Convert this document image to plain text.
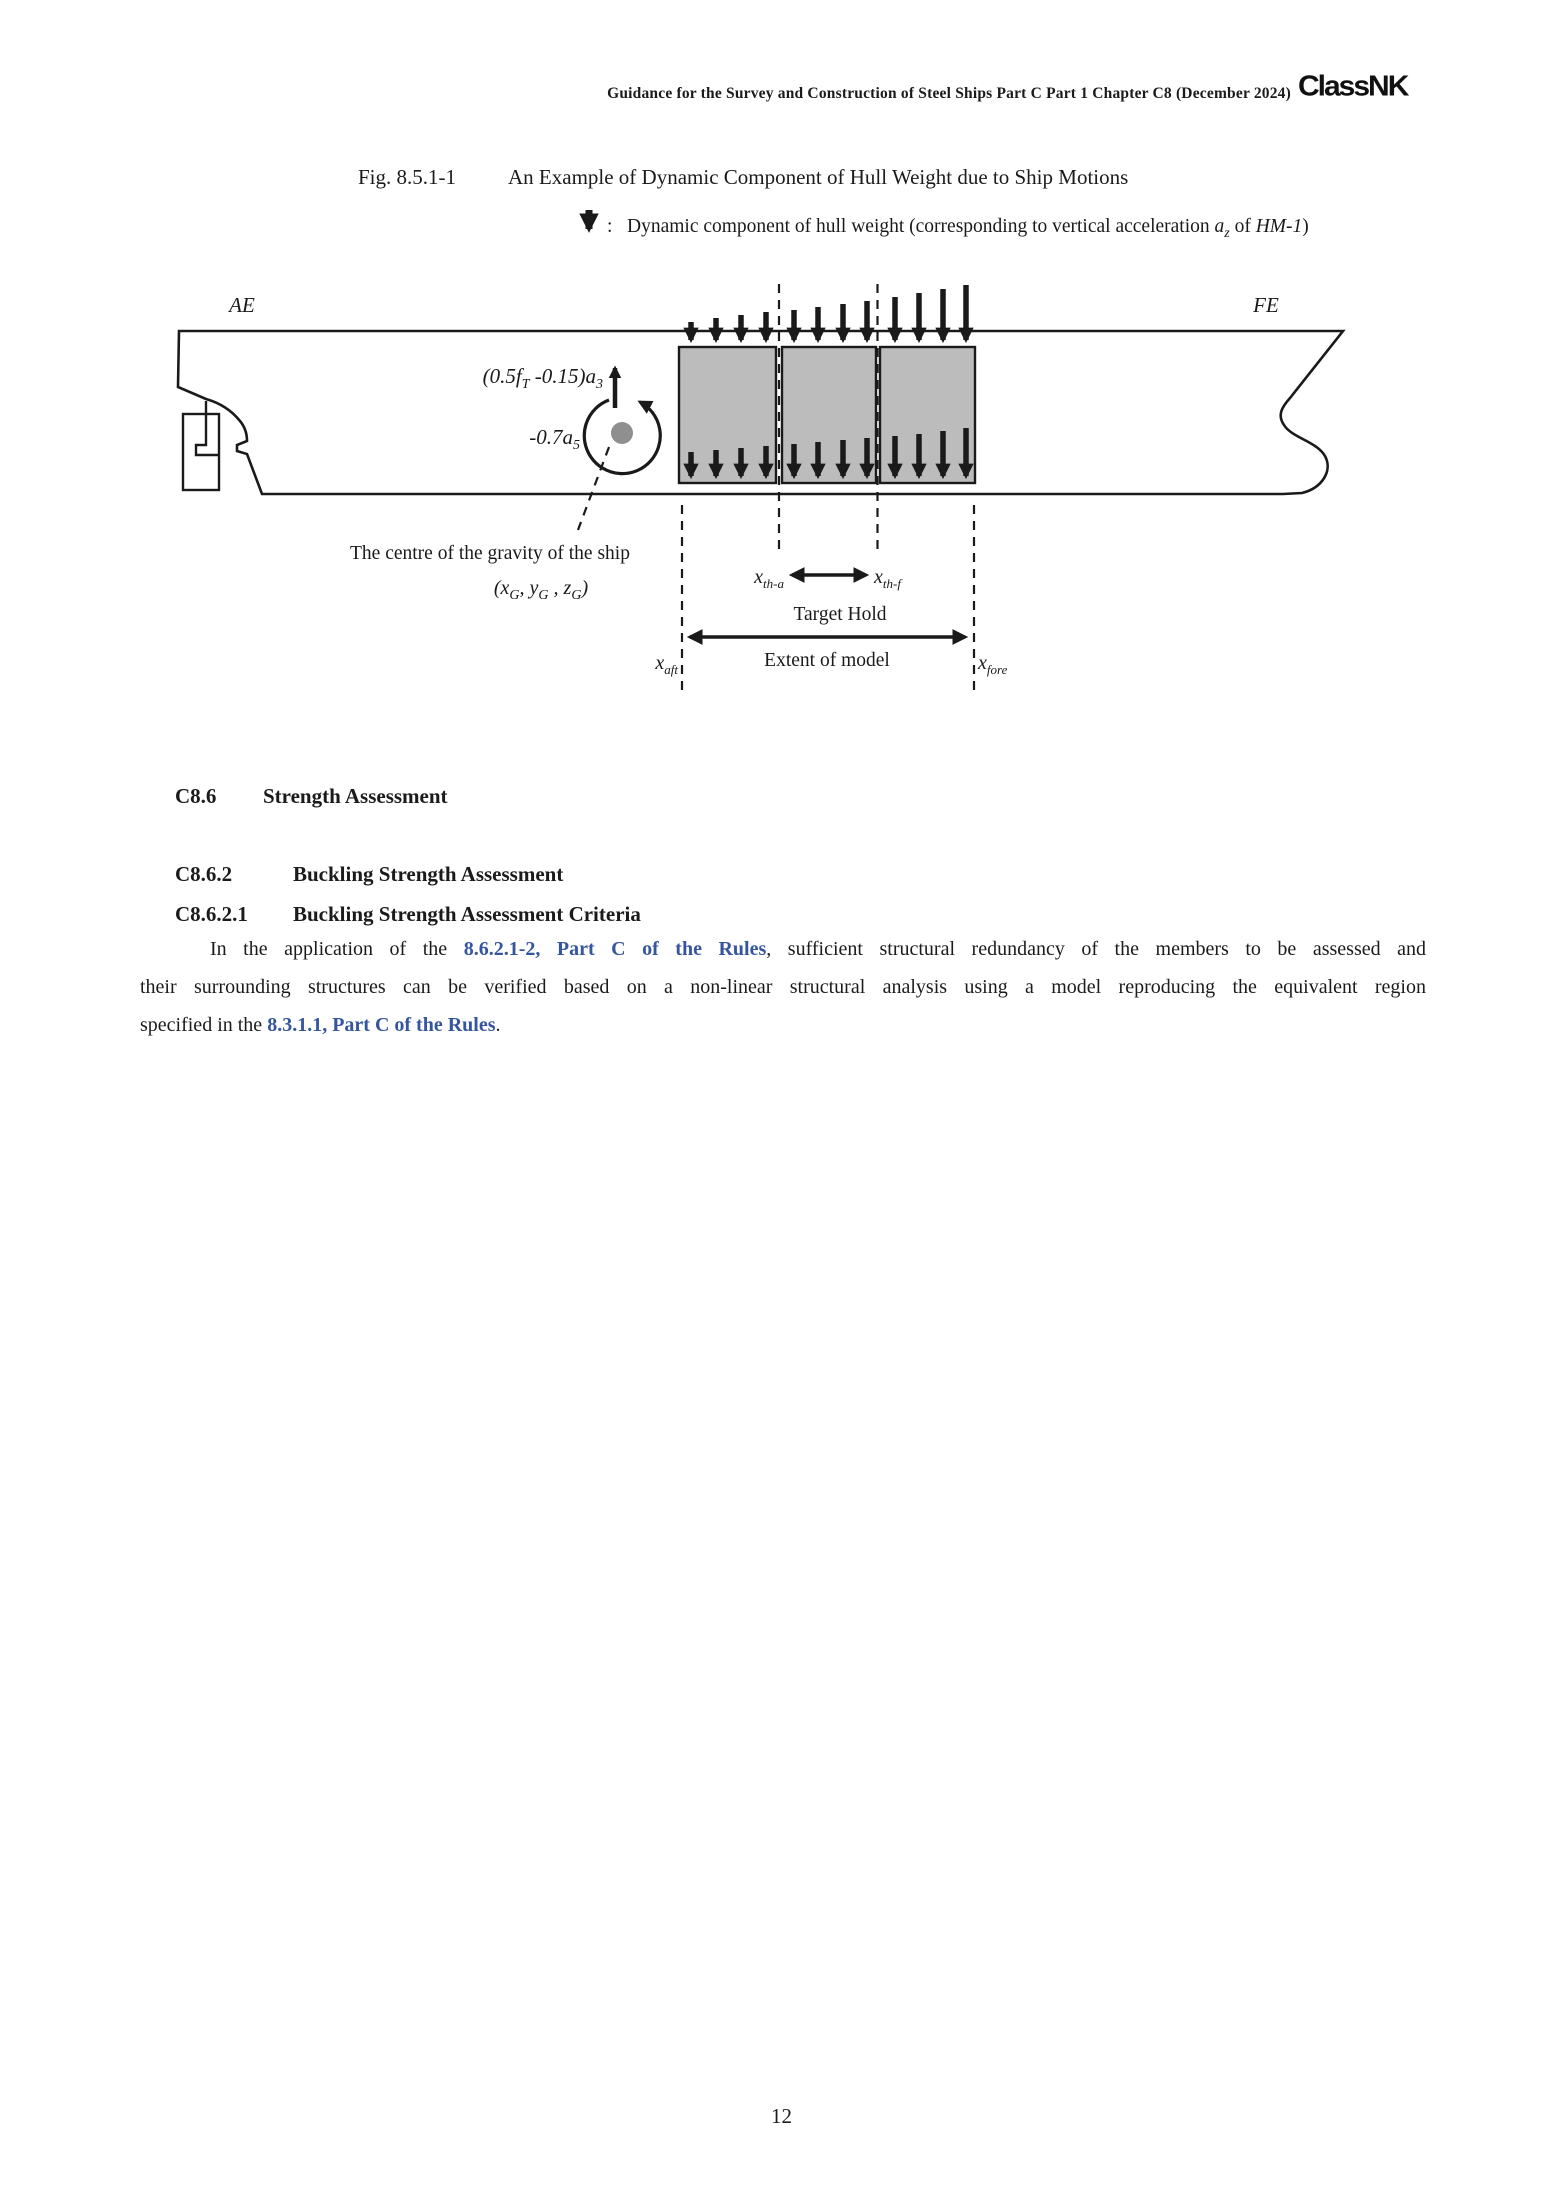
Guidance for the Survey and Construction of Steel Ships Part C Part 1 Chapter C8 (December 2024) ClassNK
Fig. 8.5.1-1 An Example of Dynamic Component of Hull Weight due to Ship Motions
: Dynamic component of hull weight (corresponding to vertical acceleration $a_z$ of HM-1)
AE	FE
($0.5f_T$ $-0.15)a_3$
$-0.7a_5$
The centre of the gravity of the ship
($x_G$, $y_G$ , $z_G$)	$x_{th-a}$	$x_{th-f}$
Target Hold
Extent of model
$x_{aft}$	$x_{fore}$
C8.6 Strength Assessment
C8.6.2	Buckling Strength Assessment
C8.6.2.1 Buckling Strength Assessment Criteria
In the application of the 8.6.2.1-2, Part C of the Rules, sufficient structural redundancy of the members to be assessed and
their surrounding structures can be verified based on a non-linear structural analysis using a model reproducing the equivalent region
specified in the 8.3.1.1, Part C of the Rules.
12
